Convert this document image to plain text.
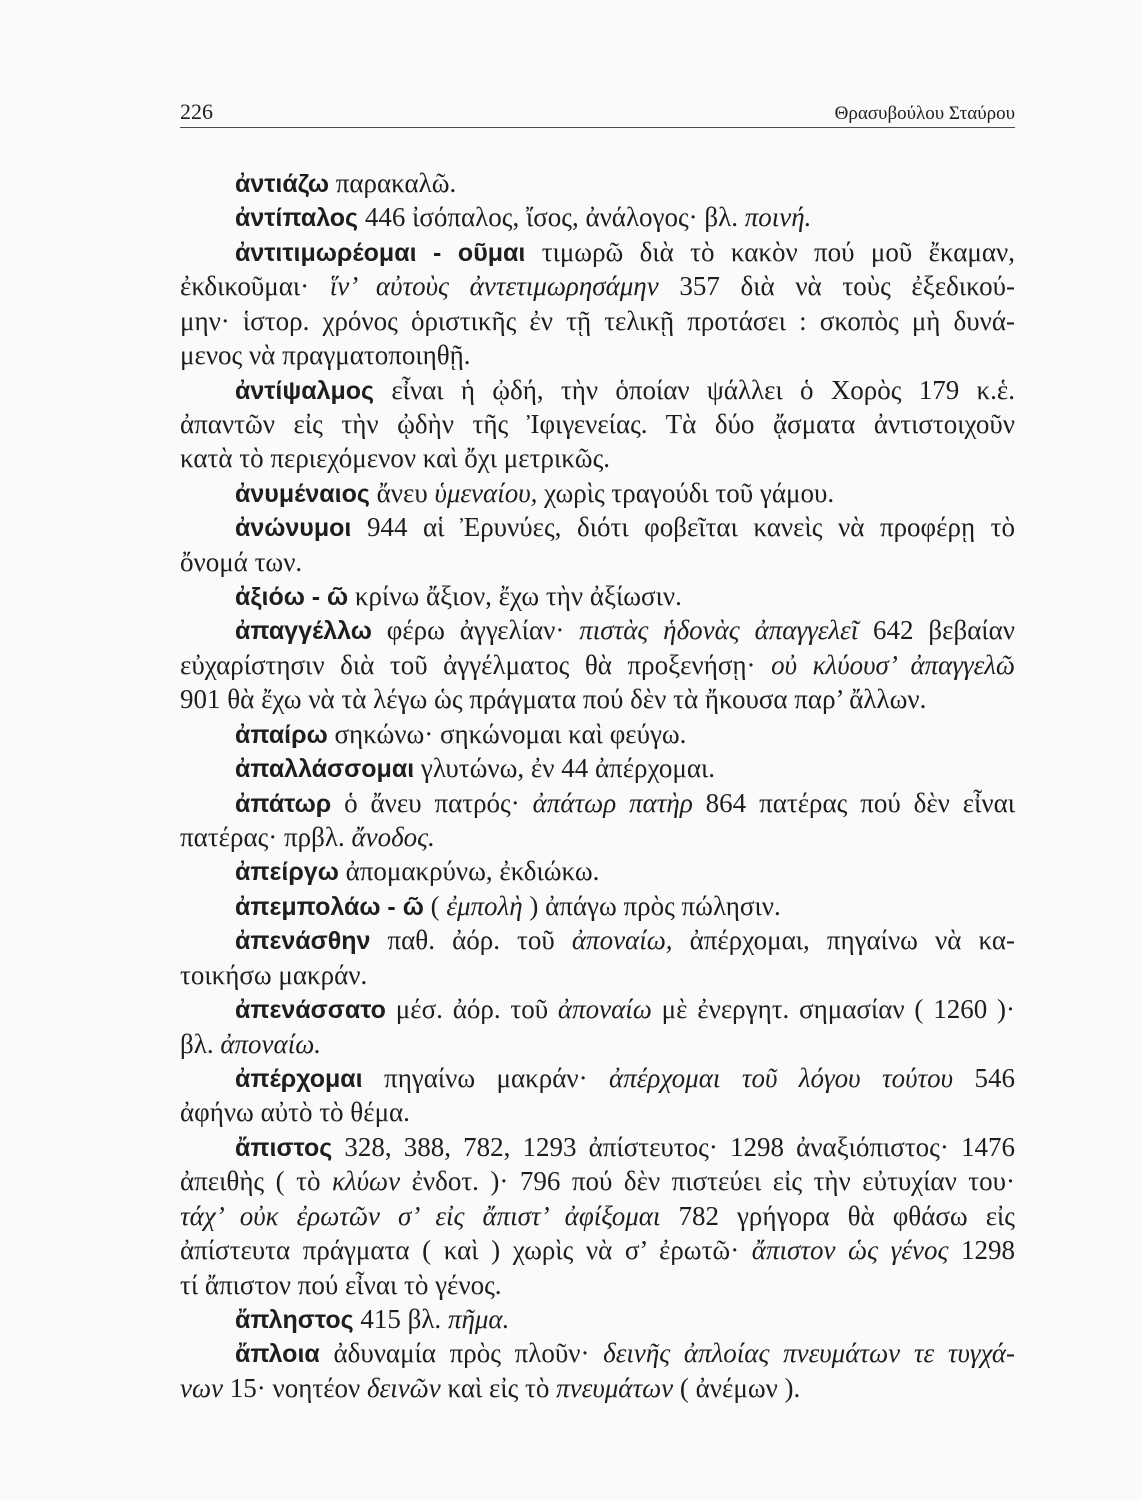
226	Θρασυβούλου Σταύρου
ἀντιάζω παρακαλῶ.
ἀντίπαλος 446 ἰσόπαλος, ἴσος, ἀνάλογος· βλ. ποινή.
ἀντιτιμωρέομαι - οῦμαι τιμωρῶ διὰ τὸ κακὸν πού μοῦ ἔκαμαν,
ἐκδικοῦμαι· ἵν’ αὐτοὺς ἀντετιμωρησάμην 357 διὰ νὰ τοὺς ἐξεδικού-
μην· ἱστορ. χρόνος ὁριστικῆς ἐν τῇ τελικῇ προτάσει : σκοπὸς μὴ δυνά-
μενος νὰ πραγματοποιηθῇ.
ἀντίψαλμος εἶναι ἡ ᾠδή, τὴν ὁποίαν ψάλλει ὁ Χορὸς 179 κ.ἑ.
ἀπαντῶν εἰς τὴν ᾠδὴν τῆς Ἰφιγενείας. Τὰ δύο ᾄσματα ἀντιστοιχοῦν
κατὰ τὸ περιεχόμενον καὶ ὄχι μετρικῶς.
ἀνυμέναιος ἄνευ ὑμεναίου, χωρὶς τραγούδι τοῦ γάμου.
ἀνώνυμοι 944 αἱ Ἐρυνύες, διότι φοβεῖται κανεὶς νὰ προφέρῃ τὸ
ὄνομά των.
ἀξιόω - ῶ κρίνω ἄξιον, ἔχω τὴν ἀξίωσιν.
ἀπαγγέλλω φέρω ἀγγελίαν· πιστὰς ἡδονὰς ἀπαγγελεῖ 642 βεβαίαν
εὐχαρίστησιν διὰ τοῦ ἀγγέλματος θὰ προξενήσῃ· οὐ κλύουσ’ ἀπαγγελῶ
901 θὰ ἔχω νὰ τὰ λέγω ὡς πράγματα πού δὲν τὰ ἤκουσα παρ’ ἄλλων.
ἀπαίρω σηκώνω· σηκώνομαι καὶ φεύγω.
ἀπαλλάσσομαι γλυτώνω, ἐν 44 ἀπέρχομαι.
ἀπάτωρ ὁ ἄνευ πατρός· ἀπάτωρ πατὴρ 864 πατέρας πού δὲν εἶναι
πατέρας· πρβλ. ἄνοδος.
ἀπείργω ἀπομακρύνω, ἐκδιώκω.
ἀπεμπολάω - ῶ ( ἐμπολὴ ) ἀπάγω πρὸς πώλησιν.
ἀπενάσθην παθ. ἀόρ. τοῦ ἀποναίω, ἀπέρχομαι, πηγαίνω νὰ κα-
τοικήσω μακράν.
ἀπενάσσατο μέσ. ἀόρ. τοῦ ἀποναίω μὲ ἐνεργητ. σημασίαν ( 1260 )·
βλ. ἀποναίω.
ἀπέρχομαι πηγαίνω μακράν· ἀπέρχομαι τοῦ λόγου τούτου 546
ἀφήνω αὐτὸ τὸ θέμα.
ἄπιστος 328, 388, 782, 1293 ἀπίστευτος· 1298 ἀναξιόπιστος· 1476
ἀπειθὴς ( τὸ κλύων ἐνδοτ. )· 796 πού δὲν πιστεύει εἰς τὴν εὐτυχίαν του·
τάχ’ οὐκ ἐρωτῶν σ’ εἰς ἄπιστ’ ἀφίξομαι 782 γρήγορα θὰ φθάσω εἰς
ἀπίστευτα πράγματα ( καὶ ) χωρὶς νὰ σ’ ἐρωτῶ· ἄπιστον ὡς γένος 1298
τί ἄπιστον πού εἶναι τὸ γένος.
ἄπληστος 415 βλ. πῆμα.
ἄπλοια ἀδυναμία πρὸς πλοῦν· δεινῆς ἀπλοίας πνευμάτων τε τυγχά-
νων 15· νοητέον δεινῶν καὶ εἰς τὸ πνευμάτων ( ἀνέμων ).
